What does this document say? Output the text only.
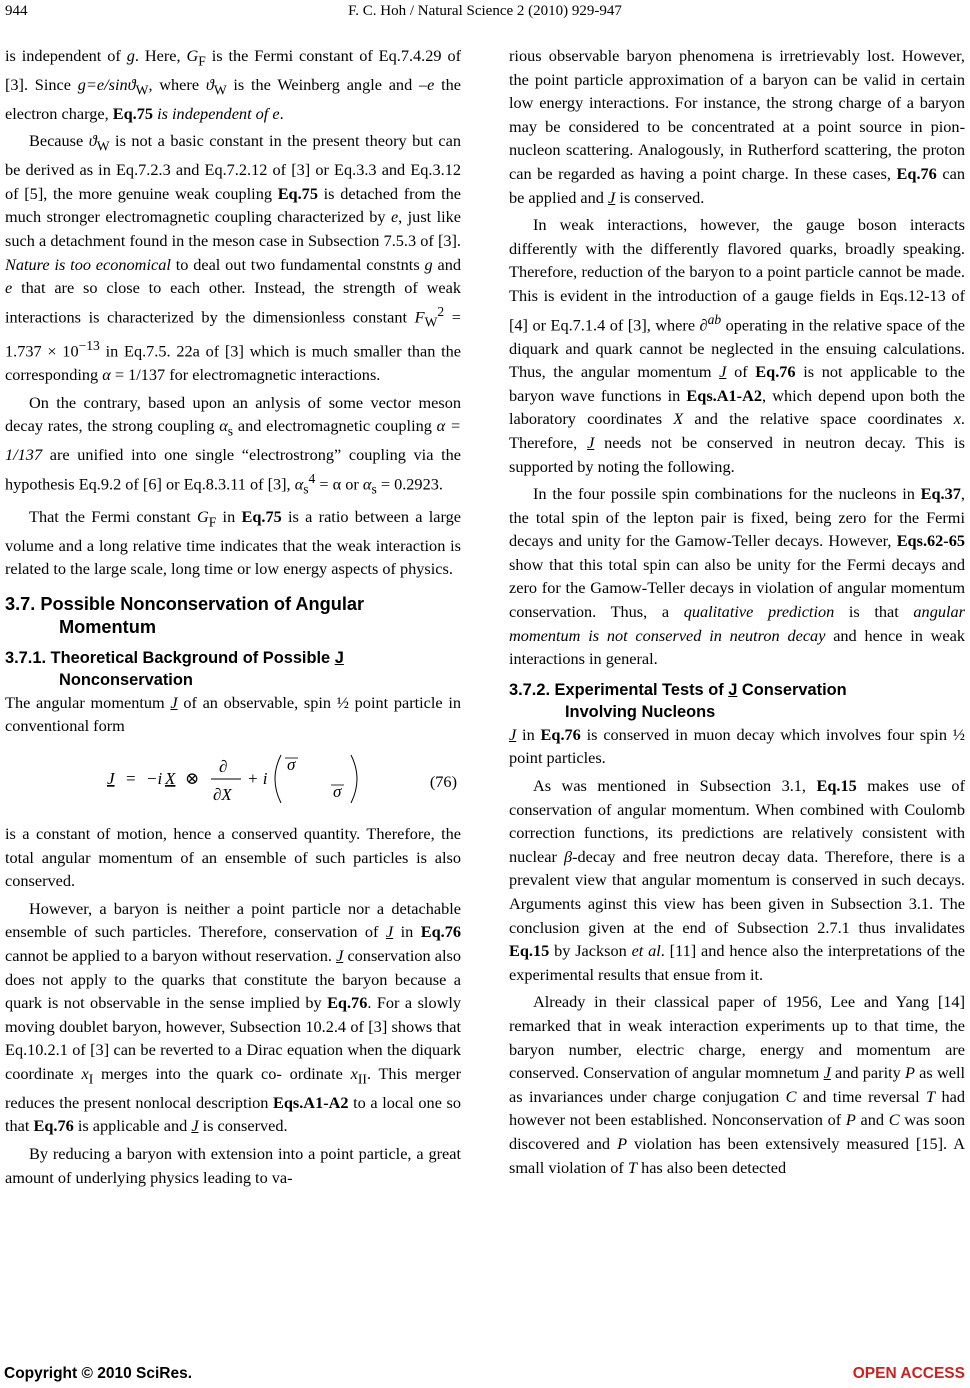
944	F. C. Hoh / Natural Science 2 (2010) 929-947

is independent of g. Here, $G_F$ is the Fermi constant of Eq.7.4.29 of [3]. Since g=e/sinϑ$_W$, where $ϑ_W$ is the Weinberg angle and –e the electron charge, Eq.75 is independent of e.

Because $ϑ_W$ is not a basic constant in the present theory but can be derived as in Eq.7.2.3 and Eq.7.2.12 of [3] or Eq.3.3 and Eq.3.12 of [5], the more genuine weak coupling Eq.75 is detached from the much stronger electromagnetic coupling characterized by e, just like such a detachment found in the meson case in Subsection 7.5.3 of [3]. Nature is too economical to deal out two fundamental constnts g and e that are so close to each other. Instead, the strength of weak interactions is characterized by the dimensionless constant $F_W^2 = 1.737 \times 10^{-13}$ in Eq.7.5. 22a of [3] which is much smaller than the corresponding α = 1/137 for electromagnetic interactions.

On the contrary, based upon an anlysis of some vector meson decay rates, the strong coupling $\alpha_s$ and electromagnetic coupling α = 1/137 are unified into one single “electrostrong” coupling via the hypothesis Eq.9.2 of [6] or Eq.8.3.11 of [3], $\alpha_s^4 = \alpha$ or $\alpha_s = 0.2923$.

That the Fermi constant $G_F$ in Eq.75 is a ratio between a large volume and a long relative time indicates that the weak interaction is related to the large scale, long time or low energy aspects of physics.

3.7. Possible Nonconservation of Angular

Momentum
3.7.1. Theoretical Background of Possible J

Nonconservation

The angular momentum J of an observable, spin ½ point particle in conventional form

J = −i X ⊗
∂
∂X
+ i
σ
σ
(76)

is a constant of motion, hence a conserved quantity. Therefore, the total angular momentum of an ensemble of such particles is also conserved.

However, a baryon is neither a point particle nor a detachable ensemble of such particles. Therefore, conservation of J in Eq.76 cannot be applied to a baryon without reservation. J conservation also does not apply to the quarks that constitute the baryon because a quark is not observable in the sense implied by Eq.76. For a slowly moving doublet baryon, however, Subsection 10.2.4 of [3] shows that Eq.10.2.1 of [3] can be reverted to a Dirac equation when the diquark coordinate $x_I$ merges into the quark co- ordinate $x_{II}$. This merger reduces the present nonlocal description Eqs.A1-A2 to a local one so that Eq.76 is applicable and J is conserved.

By reducing a baryon with extension into a point particle, a great amount of underlying physics leading to va-

rious observable baryon phenomena is irretrievably lost. However, the point particle approximation of a baryon can be valid in certain low energy interactions. For instance, the strong charge of a baryon may be considered to be concentrated at a point source in pion-nucleon scattering. Analogously, in Rutherford scattering, the proton can be regarded as having a point charge. In these cases, Eq.76 can be applied and J is conserved.

In weak interactions, however, the gauge boson interacts differently with the differently flavored quarks, broadly speaking. Therefore, reduction of the baryon to a point particle cannot be made. This is evident in the introduction of a gauge fields in Eqs.12-13 of [4] or Eq.7.1.4 of [3], where ∂$^{ab}$ operating in the relative space of the diquark and quark cannot be neglected in the ensuing calculations. Thus, the angular momentum J of Eq.76 is not applicable to the baryon wave functions in Eqs.A1-A2, which depend upon both the laboratory coordinates X and the relative space coordinates x. Therefore, J needs not be conserved in neutron decay. This is supported by noting the following.

In the four possile spin combinations for the nucleons in Eq.37, the total spin of the lepton pair is fixed, being zero for the Fermi decays and unity for the Gamow-Teller decays. However, Eqs.62-65 show that this total spin can also be unity for the Fermi decays and zero for the Gamow-Teller decays in violation of angular momentum conservation. Thus, a qualitative prediction is that angular momentum is not conserved in neutron decay and hence in weak interactions in general.

3.7.2. Experimental Tests of J Conservation

Involving Nucleons

J in Eq.76 is conserved in muon decay which involves four spin ½ point particles.

As was mentioned in Subsection 3.1, Eq.15 makes use of conservation of angular momentum. When combined with Coulomb correction functions, its predictions are relatively consistent with nuclear β-decay and free neutron decay data. Therefore, there is a prevalent view that angular momentum is conserved in such decays. Arguments aginst this view has been given in Subsection 3.1. The conclusion given at the end of Subsection 2.7.1 thus invalidates Eq.15 by Jackson et al. [11] and hence also the interpretations of the experimental results that ensue from it.

Already in their classical paper of 1956, Lee and Yang [14] remarked that in weak interaction experiments up to that time, the baryon number, electric charge, energy and momentum are conserved. Conservation of angular momnetum J and parity P as well as invariances under charge conjugation C and time reversal T had however not been established. Nonconservation of P and C was soon discovered and P violation has been extensively measured [15]. A small violation of T has also been detected

Copyright © 2010 SciRes.	OPEN ACCESS
